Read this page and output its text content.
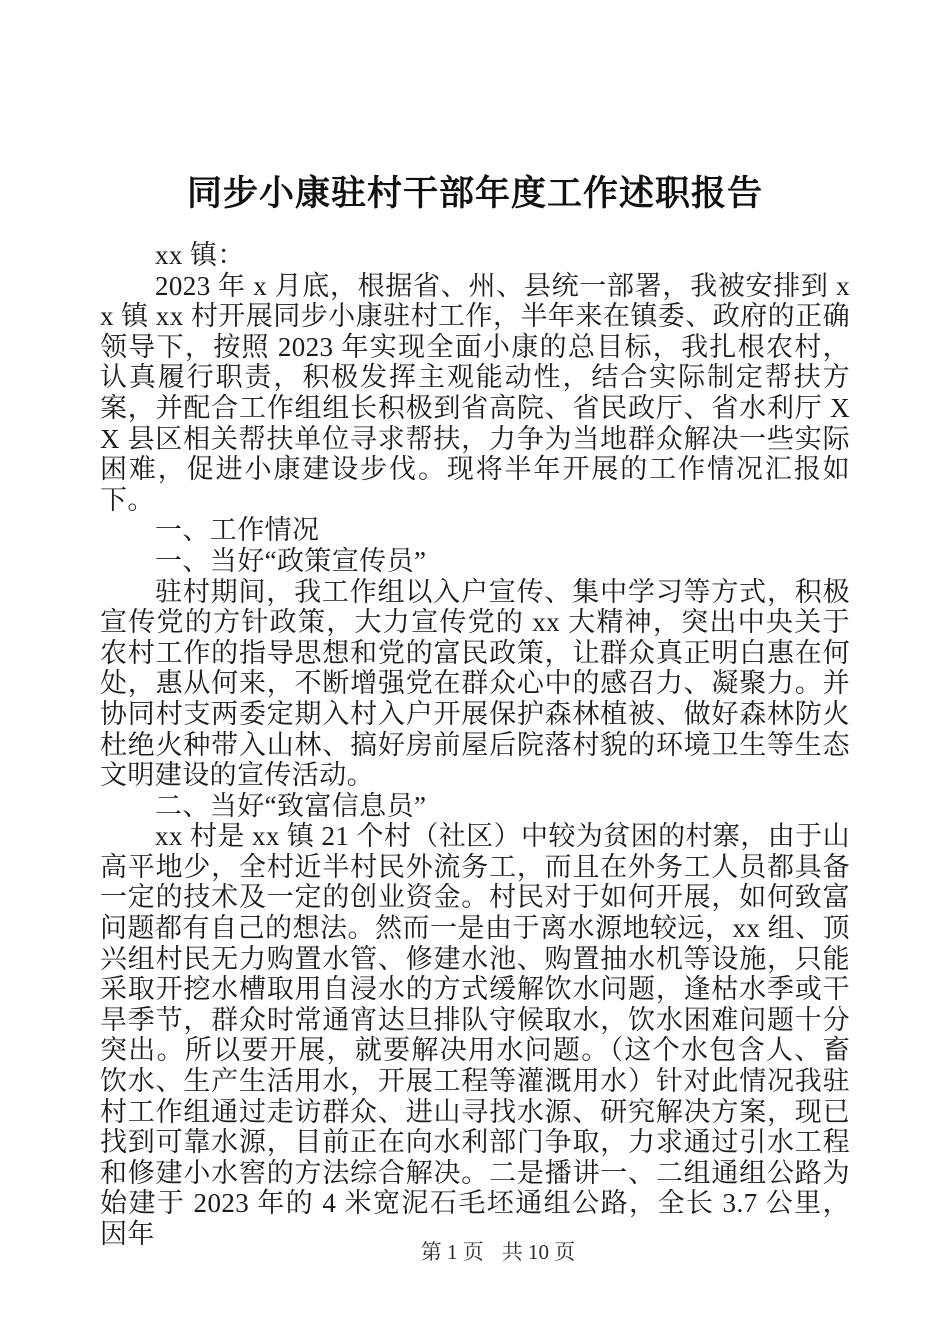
同步小康驻村干部年度工作述职报告

xx 镇：

2023 年 x 月底，根据省、州、县统一部署，我被安排到 xx 镇 xx 村开展同步小康驻村工作，半年来在镇委、政府的正确领导下，按照 2023 年实现全面小康的总目标，我扎根农村，认真履行职责，积极发挥主观能动性，结合实际制定帮扶方案，并配合工作组组长积极到省高院、省民政厅、省水利厅 XX 县区相关帮扶单位寻求帮扶，力争为当地群众解决一些实际困难，促进小康建设步伐。现将半年开展的工作情况汇报如下。

一、工作情况

一、当好“政策宣传员”

驻村期间，我工作组以入户宣传、集中学习等方式，积极宣传党的方针政策，大力宣传党的 xx 大精神，突出中央关于农村工作的指导思想和党的富民政策，让群众真正明白惠在何处，惠从何来，不断增强党在群众心中的感召力、凝聚力。并协同村支两委定期入村入户开展保护森林植被、做好森林防火杜绝火种带入山林、搞好房前屋后院落村貌的环境卫生等生态文明建设的宣传活动。

二、当好“致富信息员”

xx 村是 xx 镇 21 个村（社区）中较为贫困的村寨，由于山高平地少，全村近半村民外流务工，而且在外务工人员都具备一定的技术及一定的创业资金。村民对于如何开展，如何致富问题都有自己的想法。然而一是由于离水源地较远，xx 组、顶兴组村民无力购置水管、修建水池、购置抽水机等设施，只能采取开挖水槽取用自浸水的方式缓解饮水问题，逢枯水季或干旱季节，群众时常通宵达旦排队守候取水，饮水困难问题十分突出。所以要开展，就要解决用水问题。（这个水包含人、畜饮水、生产生活用水，开展工程等灌溉用水）针对此情况我驻村工作组通过走访群众、进山寻找水源、研究解决方案，现已找到可靠水源，目前正在向水利部门争取，力求通过引水工程和修建小水窖的方法综合解决。二是播讲一、二组通组公路为始建于 2023 年的 4 米宽泥石毛坯通组公路，全长 3.7 公里，因年

第 1 页 共 10 页
